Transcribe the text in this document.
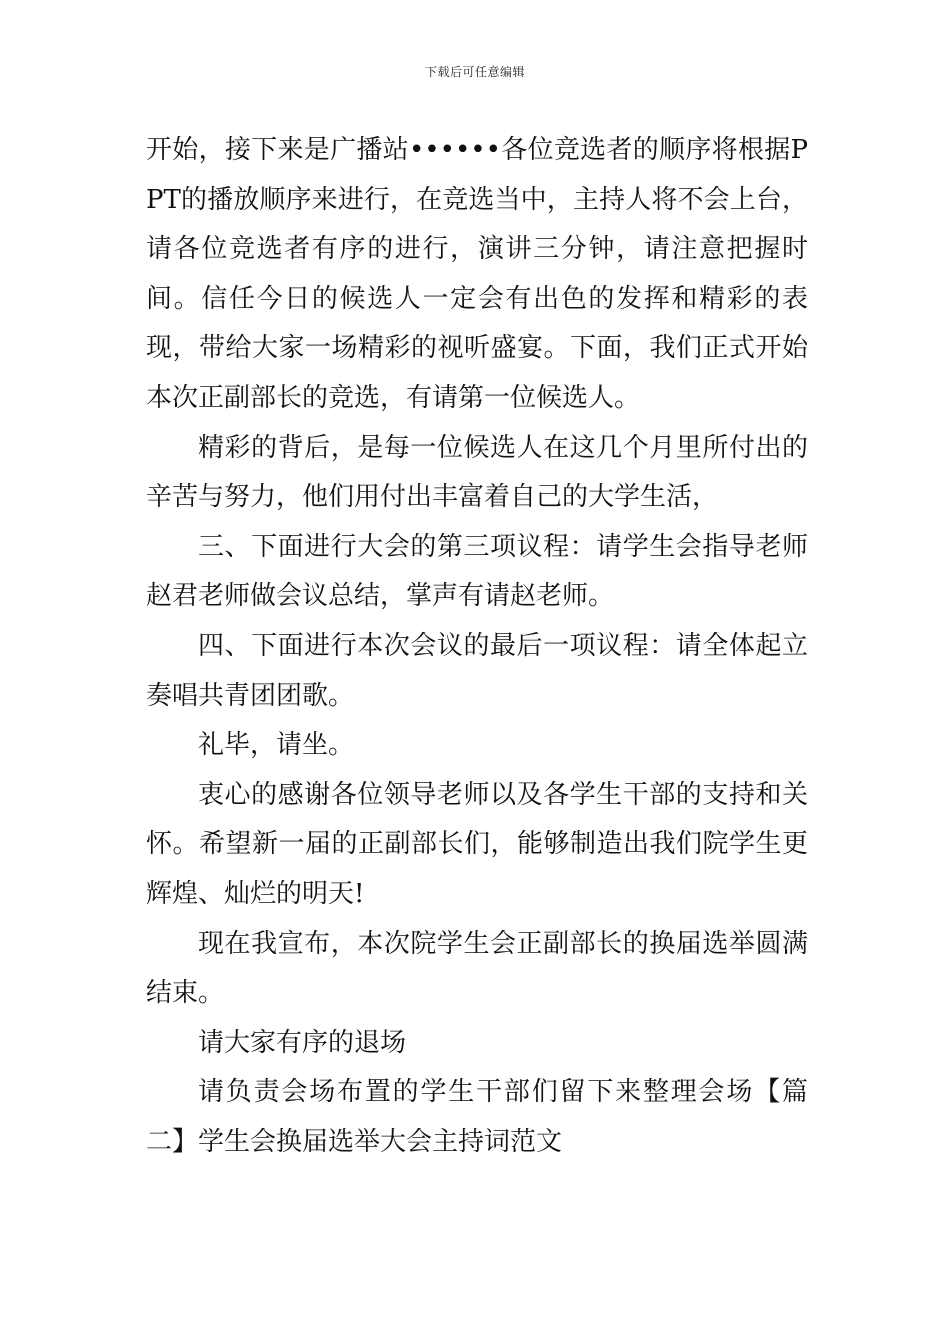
下载后可任意编辑

开始，接下来是广播站••••••各位竞选者的顺序将根据PPT的播放顺序来进行，在竞选当中，主持人将不会上台，请各位竞选者有序的进行，演讲三分钟，请注意把握时间。信任今日的候选人一定会有出色的发挥和精彩的表现，带给大家一场精彩的视听盛宴。下面，我们正式开始本次正副部长的竞选，有请第一位候选人。

精彩的背后，是每一位候选人在这几个月里所付出的辛苦与努力，他们用付出丰富着自己的大学生活，

三、下面进行大会的第三项议程：请学生会指导老师赵君老师做会议总结，掌声有请赵老师。

四、下面进行本次会议的最后一项议程：请全体起立奏唱共青团团歌。

礼毕，请坐。

衷心的感谢各位领导老师以及各学生干部的支持和关怀。希望新一届的正副部长们，能够制造出我们院学生更辉煌、灿烂的明天!

现在我宣布，本次院学生会正副部长的换届选举圆满结束。

请大家有序的退场

请负责会场布置的学生干部们留下来整理会场【篇二】学生会换届选举大会主持词范文
